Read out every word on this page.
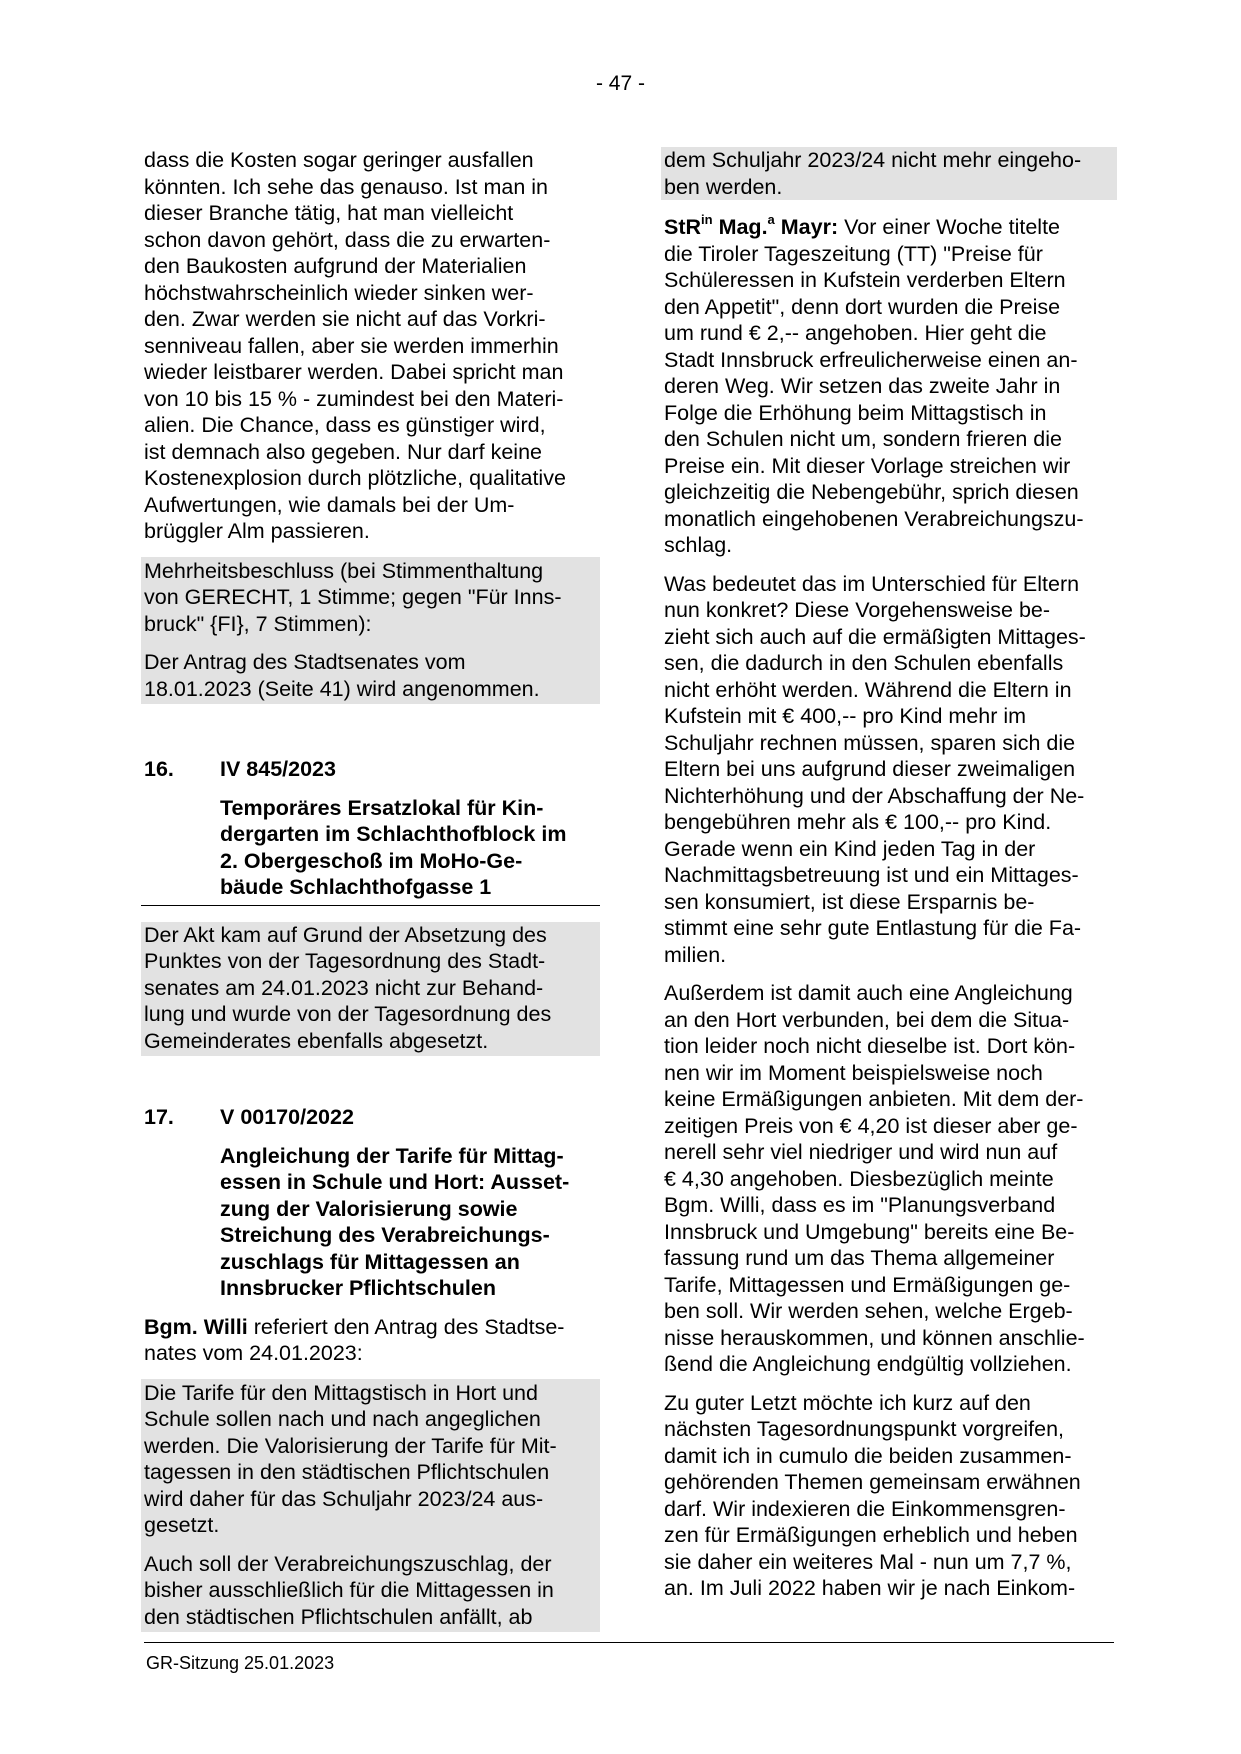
- 47 -
dass die Kosten sogar geringer ausfallen
könnten. Ich sehe das genauso. Ist man in
dieser Branche tätig, hat man vielleicht
schon davon gehört, dass die zu erwarten-
den Baukosten aufgrund der Materialien
höchstwahrscheinlich wieder sinken wer-
den. Zwar werden sie nicht auf das Vorkri-
senniveau fallen, aber sie werden immerhin
wieder leistbarer werden. Dabei spricht man
von 10 bis 15 % - zumindest bei den Materi-
alien. Die Chance, dass es günstiger wird,
ist demnach also gegeben. Nur darf keine
Kostenexplosion durch plötzliche, qualitative
Aufwertungen, wie damals bei der Um-
brüggler Alm passieren.
Mehrheitsbeschluss (bei Stimmenthaltung
von GERECHT, 1 Stimme; gegen "Für Inns-
bruck" {FI}, 7 Stimmen):
Der Antrag des Stadtsenates vom
18.01.2023 (Seite 41) wird angenommen.
16.	IV 845/2023
Temporäres Ersatzlokal für Kin-
dergarten im Schlachthofblock im
2. Obergeschoß im MoHo-Ge-
bäude Schlachthofgasse 1
Der Akt kam auf Grund der Absetzung des
Punktes von der Tagesordnung des Stadt-
senates am 24.01.2023 nicht zur Behand-
lung und wurde von der Tagesordnung des
Gemeinderates ebenfalls abgesetzt.
17.	V 00170/2022
Angleichung der Tarife für Mittag-
essen in Schule und Hort: Ausset-
zung der Valorisierung sowie
Streichung des Verabreichungs-
zuschlags für Mittagessen an
Innsbrucker Pflichtschulen
Bgm. Willi referiert den Antrag des Stadtse-
nates vom 24.01.2023:
Die Tarife für den Mittagstisch in Hort und
Schule sollen nach und nach angeglichen
werden. Die Valorisierung der Tarife für Mit-
tagessen in den städtischen Pflichtschulen
wird daher für das Schuljahr 2023/24 aus-
gesetzt.
Auch soll der Verabreichungszuschlag, der
bisher ausschließlich für die Mittagessen in
den städtischen Pflichtschulen anfällt, ab
dem Schuljahr 2023/24 nicht mehr eingeho-
ben werden.
StR$^{in}$ Mag.$^a$ Mayr: Vor einer Woche titelte
die Tiroler Tageszeitung (TT) "Preise für
Schüleressen in Kufstein verderben Eltern
den Appetit", denn dort wurden die Preise
um rund € 2,-- angehoben. Hier geht die
Stadt Innsbruck erfreulicherweise einen an-
deren Weg. Wir setzen das zweite Jahr in
Folge die Erhöhung beim Mittagstisch in
den Schulen nicht um, sondern frieren die
Preise ein. Mit dieser Vorlage streichen wir
gleichzeitig die Nebengebühr, sprich diesen
monatlich eingehobenen Verabreichungszu-
schlag.
Was bedeutet das im Unterschied für Eltern
nun konkret? Diese Vorgehensweise be-
zieht sich auch auf die ermäßigten Mittages-
sen, die dadurch in den Schulen ebenfalls
nicht erhöht werden. Während die Eltern in
Kufstein mit € 400,-- pro Kind mehr im
Schuljahr rechnen müssen, sparen sich die
Eltern bei uns aufgrund dieser zweimaligen
Nichterhöhung und der Abschaffung der Ne-
bengebühren mehr als € 100,-- pro Kind.
Gerade wenn ein Kind jeden Tag in der
Nachmittagsbetreuung ist und ein Mittages-
sen konsumiert, ist diese Ersparnis be-
stimmt eine sehr gute Entlastung für die Fa-
milien.
Außerdem ist damit auch eine Angleichung
an den Hort verbunden, bei dem die Situa-
tion leider noch nicht dieselbe ist. Dort kön-
nen wir im Moment beispielsweise noch
keine Ermäßigungen anbieten. Mit dem der-
zeitigen Preis von € 4,20 ist dieser aber ge-
nerell sehr viel niedriger und wird nun auf
€ 4,30 angehoben. Diesbezüglich meinte
Bgm. Willi, dass es im "Planungsverband
Innsbruck und Umgebung" bereits eine Be-
fassung rund um das Thema allgemeiner
Tarife, Mittagessen und Ermäßigungen ge-
ben soll. Wir werden sehen, welche Ergeb-
nisse herauskommen, und können anschlie-
ßend die Angleichung endgültig vollziehen.
Zu guter Letzt möchte ich kurz auf den
nächsten Tagesordnungspunkt vorgreifen,
damit ich in cumulo die beiden zusammen-
gehörenden Themen gemeinsam erwähnen
darf. Wir indexieren die Einkommensgren-
zen für Ermäßigungen erheblich und heben
sie daher ein weiteres Mal - nun um 7,7 %,
an. Im Juli 2022 haben wir je nach Einkom-
GR-Sitzung 25.01.2023
